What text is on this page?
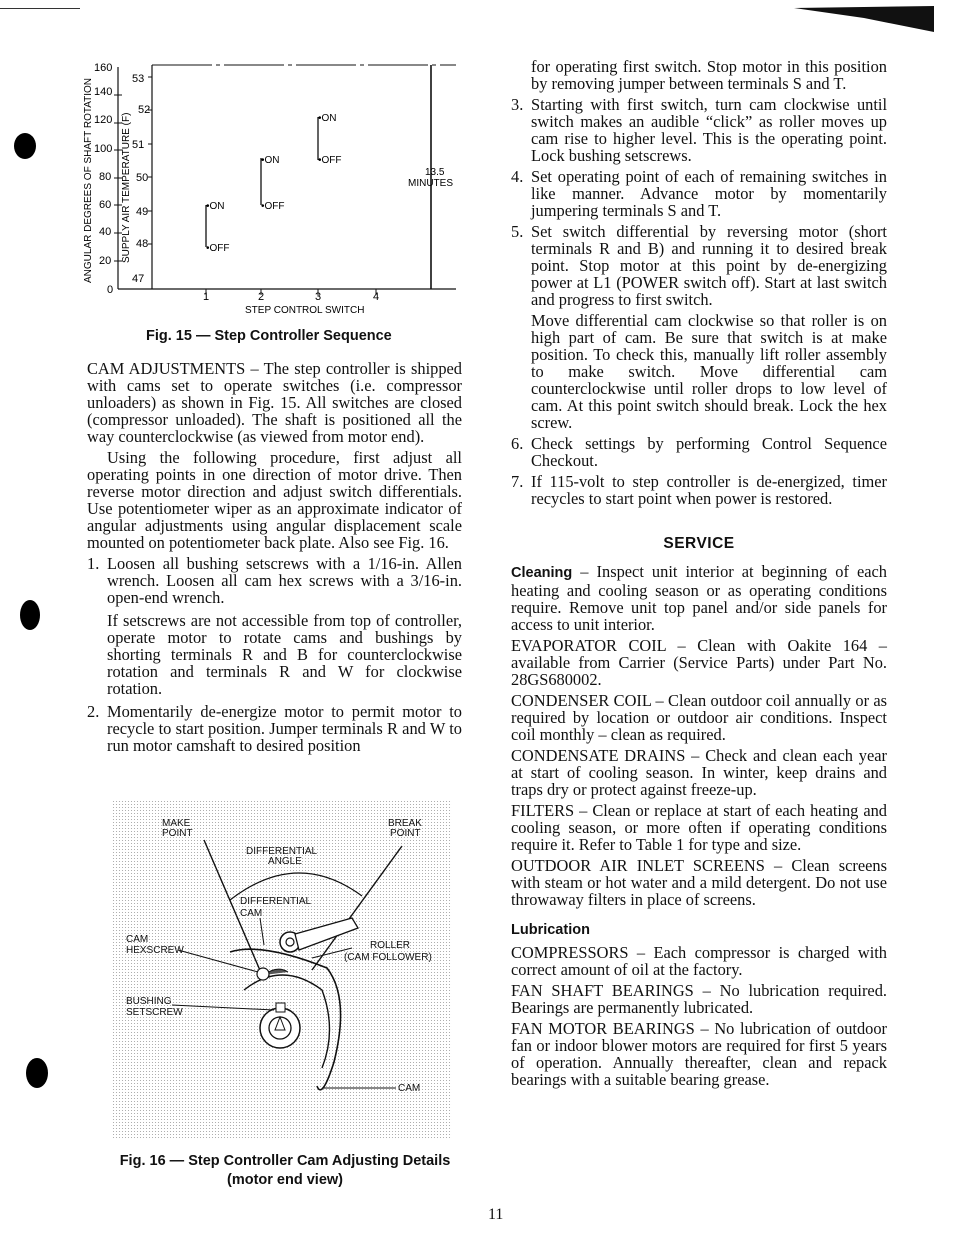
ANGULAR DEGREES OF SHAFT ROTATION
160
140
120
100
80
60
40
20
0
SUPPLY AIR TEMPERATURE (F)
53
52
51
50
49
48
47
•ON
•OFF
•ON
•OFF
•ON
•OFF
13.5
MINUTES
1	2	3	4
STEP CONTROL SWITCH
Fig. 15 — Step Controller Sequence

CAM ADJUSTMENTS – The step controller is shipped with cams set to operate switches (i.e. compressor unloaders) as shown in Fig. 15. All switches are closed (compressor unloaded). The shaft is positioned all the way counterclockwise (as viewed from motor end).

Using the following procedure, first adjust all operating points in one direction of motor drive. Then reverse motor direction and adjust switch differentials. Use potentiometer wiper as an approximate indicator of angular adjustments using angular displacement scale mounted on potentiometer back plate. Also see Fig. 16.

1. Loosen all bushing setscrews with a 1/16-in. Allen wrench. Loosen all cam hex screws with a 3/16-in. open-end wrench.
If setscrews are not accessible from top of controller, operate motor to rotate cams and bushings by shorting terminals R and B for counterclockwise rotation and terminals R and W for clockwise rotation.
2. Momentarily de-energize motor to permit motor to recycle to start position. Jumper terminals R and W to run motor camshaft to desired position
MAKE
POINT
BREAK
POINT
DIFFERENTIAL
ANGLE
DIFFERENTIAL
CAM
CAM
HEXSCREW	ROLLER
(CAM FOLLOWER)
BUSHING
SETSCREW
CAM
Fig. 16 — Step Controller Cam Adjusting Details
(motor end view)
for operating first switch. Stop motor in this position by removing jumper between terminals S and T.
3. Starting with first switch, turn cam clockwise until switch makes an audible “click” as roller moves up cam rise to higher level. This is the operating point. Lock bushing setscrews.
4. Set operating point of each of remaining switches in like manner. Advance motor by momentarily jumpering terminals S and T.
5. Set switch differential by reversing motor (short terminals R and B) and running it to desired break point. Stop motor at this point by de-energizing power at L1 (POWER switch off). Start at last switch and progress to first switch.
Move differential cam clockwise so that roller is on high part of cam. Be sure that switch is at make position. To check this, manually lift roller assembly to make switch. Move differential cam counterclockwise until roller drops to low level of cam. At this point switch should break. Lock the hex screw.
6. Check settings by performing Control Sequence Checkout.
7. If 115-volt to step controller is de-energized, timer recycles to start point when power is restored.
SERVICE

Cleaning – Inspect unit interior at beginning of each heating and cooling season or as operating conditions require. Remove unit top panel and/or side panels for access to unit interior.

EVAPORATOR COIL – Clean with Oakite 164 – available from Carrier (Service Parts) under Part No. 28GS680002.

CONDENSER COIL – Clean outdoor coil annually or as required by location or outdoor air conditions. Inspect coil monthly – clean as required.

CONDENSATE DRAINS – Check and clean each year at start of cooling season. In winter, keep drains and traps dry or protect against freeze-up.

FILTERS – Clean or replace at start of each heating and cooling season, or more often if operating conditions require it. Refer to Table 1 for type and size.

OUTDOOR AIR INLET SCREENS – Clean screens with steam or hot water and a mild detergent. Do not use throwaway filters in place of screens.

Lubrication

COMPRESSORS – Each compressor is charged with correct amount of oil at the factory.

FAN SHAFT BEARINGS – No lubrication required. Bearings are permanently lubricated.

FAN MOTOR BEARINGS – No lubrication of outdoor fan or indoor blower motors are required for first 5 years of operation. Annually thereafter, clean and repack bearings with a suitable bearing grease.

11
